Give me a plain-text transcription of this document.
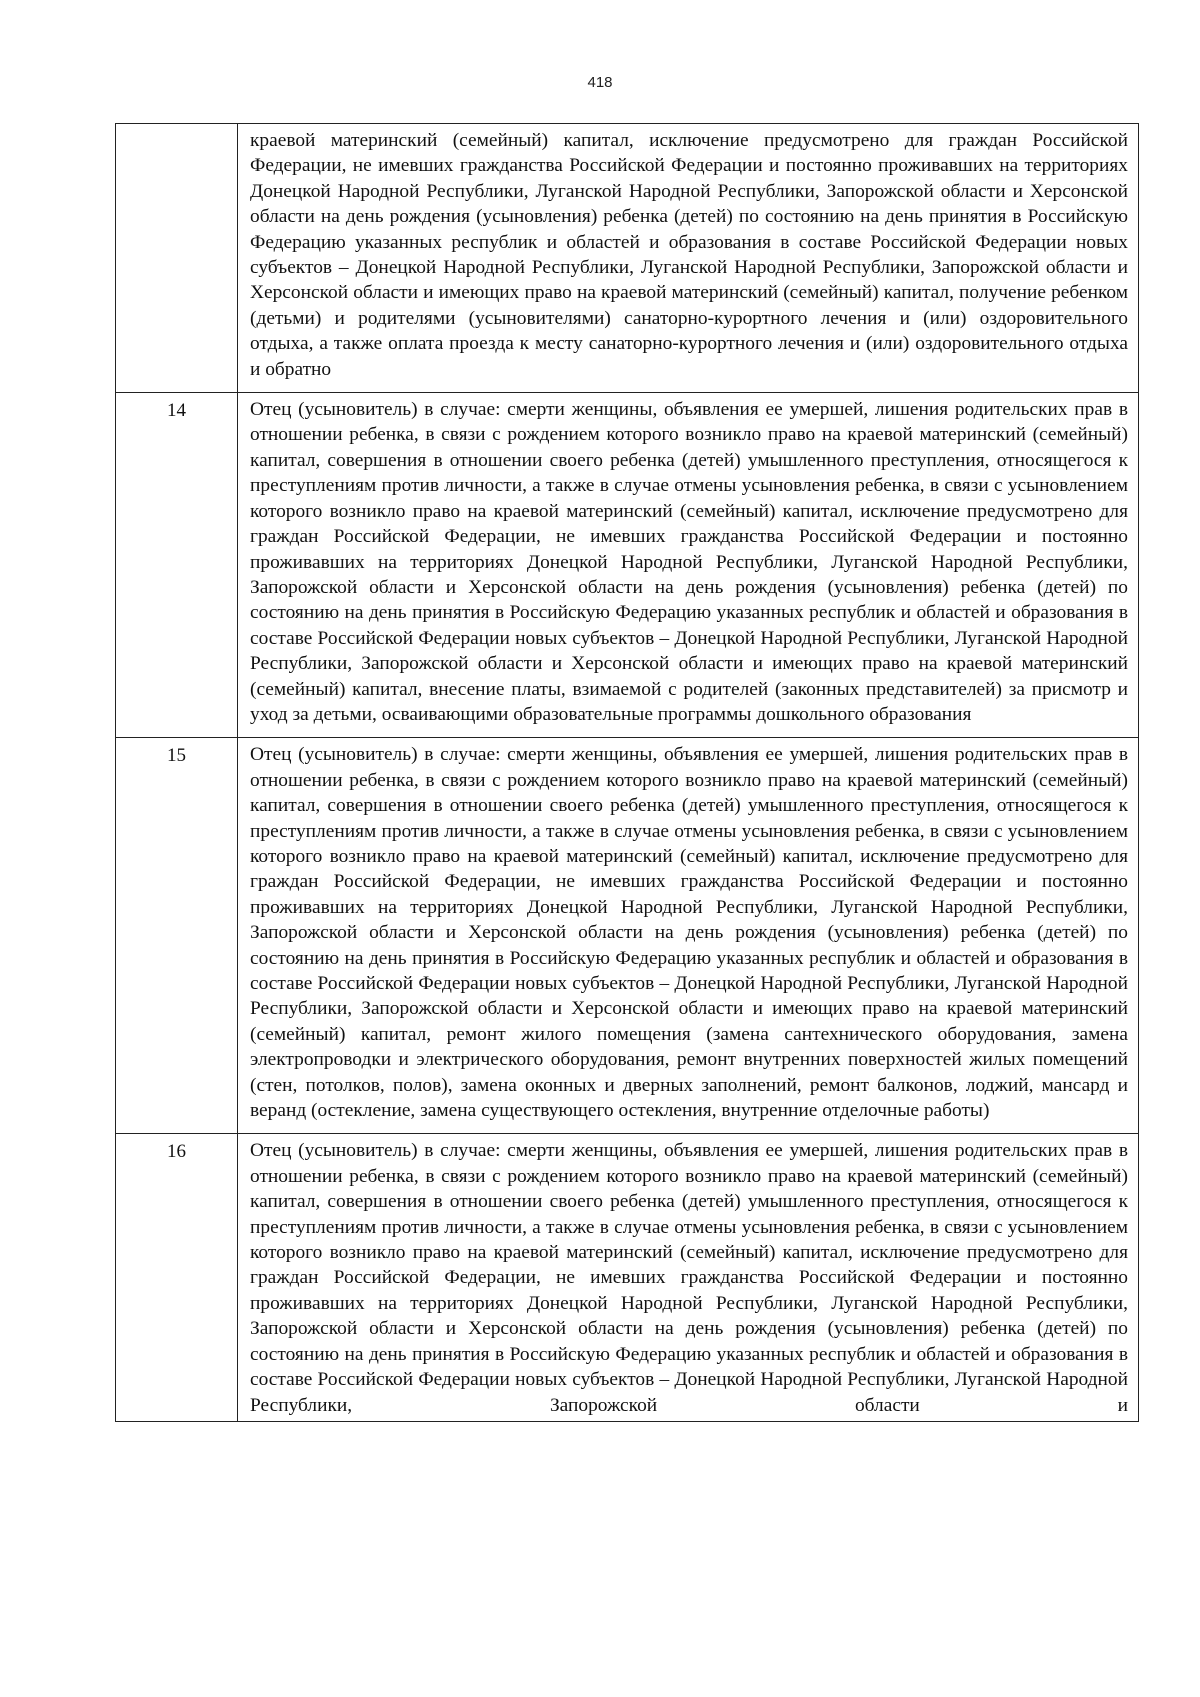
418

	краевой материнский (семейный) капитал, исключение предусмотрено для граждан Российской Федерации, не имевших гражданства Российской Федерации и постоянно проживавших на территориях Донецкой Народной Республики, Луганской Народной Республики, Запорожской области и Херсонской области на день рождения (усыновления) ребенка (детей) по состоянию на день принятия в Российскую Федерацию указанных республик и областей и образования в составе Российской Федерации новых субъектов – Донецкой Народной Республики, Луганской Народной Республики, Запорожской области и Херсонской области и имеющих право на краевой материнский (семейный) капитал, получение ребенком (детьми) и родителями (усыновителями) санаторно-курортного лечения и (или) оздоровительного отдыха, а также оплата проезда к месту санаторно-курортного лечения и (или) оздоровительного отдыха и обратно

14	Отец (усыновитель) в случае: смерти женщины, объявления ее умершей, лишения родительских прав в отношении ребенка, в связи с рождением которого возникло право на краевой материнский (семейный) капитал, совершения в отношении своего ребенка (детей) умышленного преступления, относящегося к преступлениям против личности, а также в случае отмены усыновления ребенка, в связи с усыновлением которого возникло право на краевой материнский (семейный) капитал, исключение предусмотрено для граждан Российской Федерации, не имевших гражданства Российской Федерации и постоянно проживавших на территориях Донецкой Народной Республики, Луганской Народной Республики, Запорожской области и Херсонской области на день рождения (усыновления) ребенка (детей) по состоянию на день принятия в Российскую Федерацию указанных республик и областей и образования в составе Российской Федерации новых субъектов – Донецкой Народной Республики, Луганской Народной Республики, Запорожской области и Херсонской области и имеющих право на краевой материнский (семейный) капитал, внесение платы, взимаемой с родителей (законных представителей) за присмотр и уход за детьми, осваивающими образовательные программы дошкольного образования

15	Отец (усыновитель) в случае: смерти женщины, объявления ее умершей, лишения родительских прав в отношении ребенка, в связи с рождением которого возникло право на краевой материнский (семейный) капитал, совершения в отношении своего ребенка (детей) умышленного преступления, относящегося к преступлениям против личности, а также в случае отмены усыновления ребенка, в связи с усыновлением которого возникло право на краевой материнский (семейный) капитал, исключение предусмотрено для граждан Российской Федерации, не имевших гражданства Российской Федерации и постоянно проживавших на территориях Донецкой Народной Республики, Луганской Народной Республики, Запорожской области и Херсонской области на день рождения (усыновления) ребенка (детей) по состоянию на день принятия в Российскую Федерацию указанных республик и областей и образования в составе Российской Федерации новых субъектов – Донецкой Народной Республики, Луганской Народной Республики, Запорожской области и Херсонской области и имеющих право на краевой материнский (семейный) капитал, ремонт жилого помещения (замена сантехнического оборудования, замена электропроводки и электрического оборудования, ремонт внутренних поверхностей жилых помещений (стен, потолков, полов), замена оконных и дверных заполнений, ремонт балконов, лоджий, мансард и веранд (остекление, замена существующего остекления, внутренние отделочные работы)

16	Отец (усыновитель) в случае: смерти женщины, объявления ее умершей, лишения родительских прав в отношении ребенка, в связи с рождением которого возникло право на краевой материнский (семейный) капитал, совершения в отношении своего ребенка (детей) умышленного преступления, относящегося к преступлениям против личности, а также в случае отмены усыновления ребенка, в связи с усыновлением которого возникло право на краевой материнский (семейный) капитал, исключение предусмотрено для граждан Российской Федерации, не имевших гражданства Российской Федерации и постоянно проживавших на территориях Донецкой Народной Республики, Луганской Народной Республики, Запорожской области и Херсонской области на день рождения (усыновления) ребенка (детей) по состоянию на день принятия в Российскую Федерацию указанных республик и областей и образования в составе Российской Федерации новых субъектов – Донецкой Народной Республики, Луганской Народной Республики, Запорожской области и
